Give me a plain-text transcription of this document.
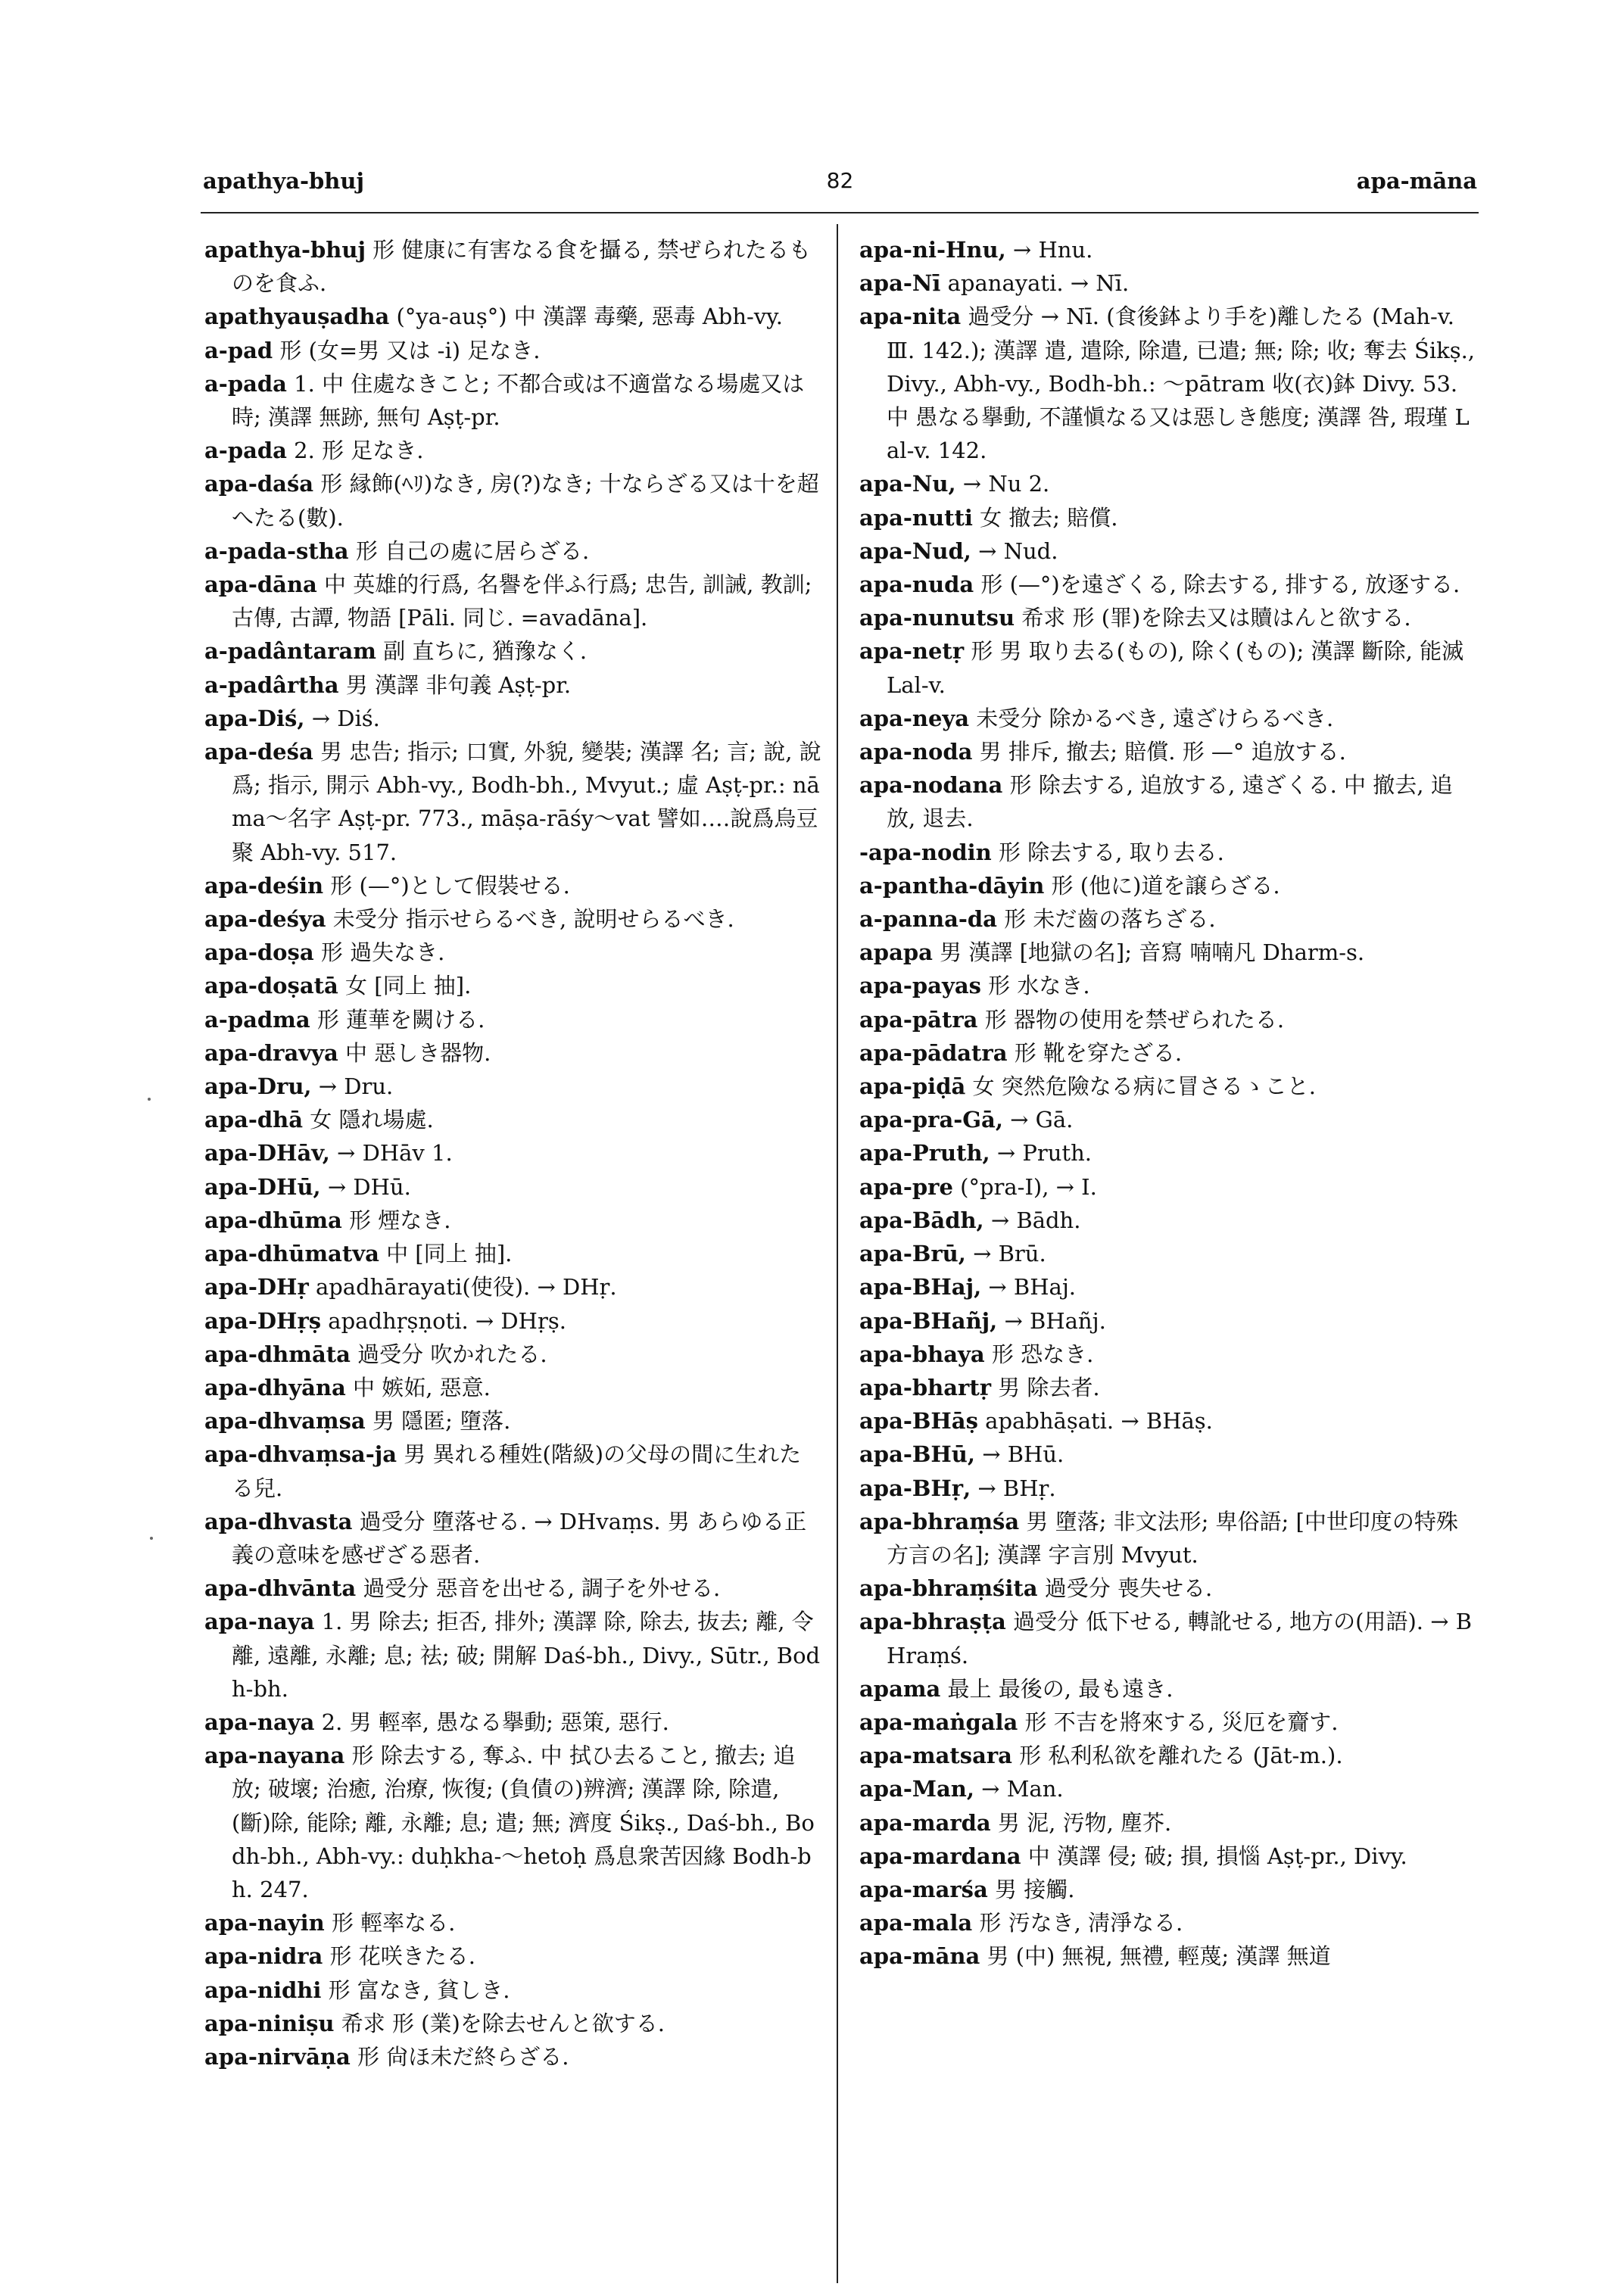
apathya-bhuj	82	apa-māna
apathya-bhuj 形 健康に有害なる食を攝る, 禁ぜられたるものを食ふ.
apathyauṣadha (°ya-auṣ°) 中 漢譯 毒藥, 惡毒 Abh-vy.
a-pad 形 (女=男 又は -i) 足なき.
a-pada 1. 中 住處なきこと; 不都合或は不適當なる場處又は時; 漢譯 無跡, 無句 Aṣṭ-pr.
a-pada 2. 形 足なき.
apa-daśa 形 縁飾(ﾍﾘ)なき, 房(?)なき; 十ならざる又は十を超へたる(數).
a-pada-stha 形 自己の處に居らざる.
apa-dāna 中 英雄的行爲, 名譽を伴ふ行爲; 忠告, 訓誡, 教訓; 古傳, 古譚, 物語 [Pāli. 同じ. =avadāna].
a-padântaram 副 直ちに, 猶豫なく.
a-padârtha 男 漢譯 非句義 Aṣṭ-pr.
apa-Diś, → Diś.
apa-deśa 男 忠告; 指示; 口實, 外貌, 變裝; 漢譯 名; 言; 說, 說爲; 指示, 開示 Abh-vy., Bodh-bh., Mvyut.; 虛 Aṣṭ-pr.: nāma～名字 Aṣṭ-pr. 773., māṣa-rāśy～vat 譬如‥‥說爲烏豆聚 Abh-vy. 517.
apa-deśin 形 (—°)として假裝せる.
apa-deśya 未受分 指示せらるべき, 說明せらるべき.
apa-doṣa 形 過失なき.
apa-doṣatā 女 [同上 抽].
a-padma 形 蓮華を闕ける.
apa-dravya 中 惡しき器物.
apa-Dru, → Dru.
apa-dhā 女 隱れ場處.
apa-DHāv, → DHāv 1.
apa-DHū, → DHū.
apa-dhūma 形 煙なき.
apa-dhūmatva 中 [同上 抽].
apa-DHṛ apadhārayati(使役). → DHṛ.
apa-DHṛṣ apadhṛṣṇoti. → DHṛṣ.
apa-dhmāta 過受分 吹かれたる.
apa-dhyāna 中 嫉妬, 惡意.
apa-dhvaṃsa 男 隱匿; 墮落.
apa-dhvaṃsa-ja 男 異れる種姓(階級)の父母の間に生れたる兒.
apa-dhvasta 過受分 墮落せる. → DHvaṃs. 男 あらゆる正義の意味を感ぜざる惡者.
apa-dhvānta 過受分 惡音を出せる, 調子を外せる.
apa-naya 1. 男 除去; 拒否, 排外; 漢譯 除, 除去, 抜去; 離, 令離, 遠離, 永離; 息; 祛; 破; 開解 Daś-bh., Divy., Sūtr., Bodh-bh.
apa-naya 2. 男 輕率, 愚なる擧動; 惡策, 惡行.
apa-nayana 形 除去する, 奪ふ. 中 拭ひ去ること, 撤去; 追放; 破壞; 治癒, 治療, 恢復; (負債の)辨濟; 漢譯 除, 除遣, (斷)除, 能除; 離, 永離; 息; 遣; 無; 濟度 Śikṣ., Daś-bh., Bodh-bh., Abh-vy.: duḥkha-～hetoḥ 爲息衆苦因緣 Bodh-bh. 247.
apa-nayin 形 輕率なる.
apa-nidra 形 花咲きたる.
apa-nidhi 形 富なき, 貧しき.
apa-niniṣu 希求 形 (業)を除去せんと欲する.
apa-nirvāṇa 形 尙ほ未だ終らざる.
apa-ni-Hnu, → Hnu.
apa-Nī apanayati. → Nī.
apa-nita 過受分 → Nī. (食後鉢より手を)離したる (Mah-v. Ⅲ. 142.); 漢譯 遣, 遣除, 除遣, 已遣; 無; 除; 收; 奪去 Śikṣ., Divy., Abh-vy., Bodh-bh.: ～pātram 收(衣)鉢 Divy. 53. 中 愚なる擧動, 不謹愼なる又は惡しき態度; 漢譯 咎, 瑕瑾 Lal-v. 142.
apa-Nu, → Nu 2.
apa-nutti 女 撤去; 賠償.
apa-Nud, → Nud.
apa-nuda 形 (—°)を遠ざくる, 除去する, 排する, 放逐する.
apa-nunutsu 希求 形 (罪)を除去又は贖はんと欲する.
apa-netṛ 形 男 取り去る(もの), 除く(もの); 漢譯 斷除, 能滅 Lal-v.
apa-neya 未受分 除かるべき, 遠ざけらるべき.
apa-noda 男 排斥, 撤去; 賠償. 形 —° 追放する.
apa-nodana 形 除去する, 追放する, 遠ざくる. 中 撤去, 追放, 退去.
-apa-nodin 形 除去する, 取り去る.
a-pantha-dāyin 形 (他に)道を譲らざる.
a-panna-da 形 未だ齒の落ちざる.
apapa 男 漢譯 [地獄の名]; 音寫 喃喃凡 Dharm-s.
apa-payas 形 水なき.
apa-pātra 形 器物の使用を禁ぜられたる.
apa-pādatra 形 靴を穿たざる.
apa-piḍā 女 突然危險なる病に冒さるゝこと.
apa-pra-Gā, → Gā.
apa-Pruth, → Pruth.
apa-pre (°pra-I), → I.
apa-Bādh, → Bādh.
apa-Brū, → Brū.
apa-BHaj, → BHaj.
apa-BHañj, → BHañj.
apa-bhaya 形 恐なき.
apa-bhartṛ 男 除去者.
apa-BHāṣ apabhāṣati. → BHāṣ.
apa-BHū, → BHū.
apa-BHṛ, → BHṛ.
apa-bhraṃśa 男 墮落; 非文法形; 卑俗語; [中世印度の特殊方言の名]; 漢譯 字言別 Mvyut.
apa-bhraṃśita 過受分 喪失せる.
apa-bhraṣṭa 過受分 低下せる, 轉訛せる, 地方の(用語). → BHraṃś.
apama 最上 最後の, 最も遠き.
apa-maṅgala 形 不吉を將來する, 災厄を齎す.
apa-matsara 形 私利私欲を離れたる (Jāt-m.).
apa-Man, → Man.
apa-marda 男 泥, 汚物, 塵芥.
apa-mardana 中 漢譯 侵; 破; 損, 損惱 Aṣṭ-pr., Divy.
apa-marśa 男 接觸.
apa-mala 形 汚なき, 淸淨なる.
apa-māna 男 (中) 無視, 無禮, 輕蔑; 漢譯 無道
